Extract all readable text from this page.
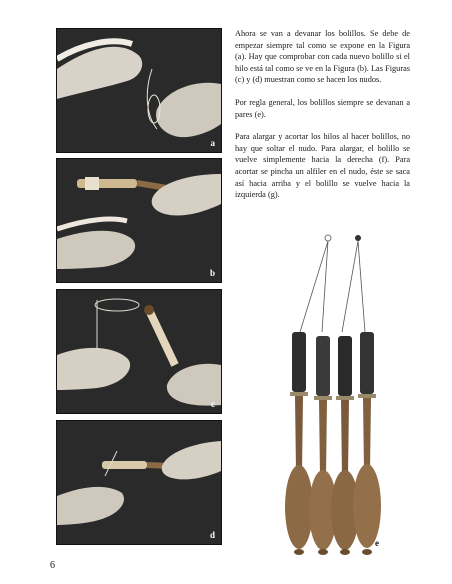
a
b
c
d

Ahora se van a devanar los bolillos. Se debe de empezar siempre tal como se expone en la Figura (a). Hay que comprobar con cada nuevo bolillo si el hilo está tal como se ve en la Figura (b). Las Figuras (c) y (d) muestran como se hacen los nudos.

Por regla general, los bolillos siempre se devanan a pares (e).

Para alargar y acortar los hilos al hacer bolillos, no hay que soltar el nudo. Para alargar, el bolillo se vuelve simplemente hacia la derecha (f). Para acortar se pincha un alfiler en el nudo, éste se saca así hacia arriba y el bolillo se vuelve hacia la izquierda (g).

e
6
